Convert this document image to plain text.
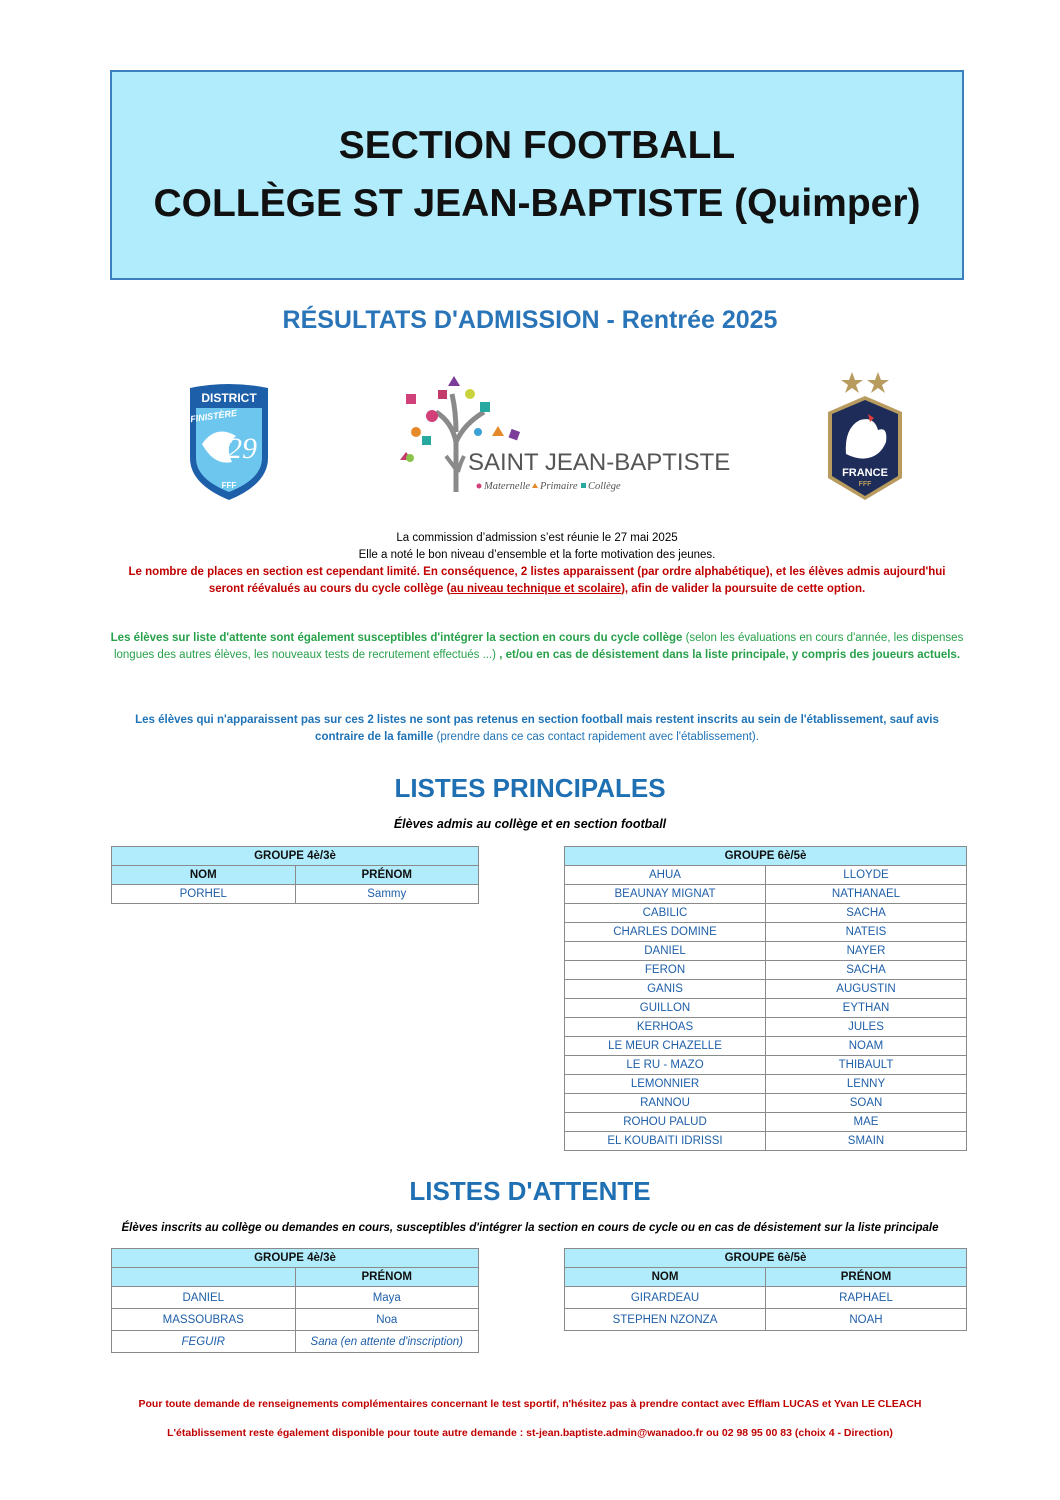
SECTION FOOTBALL
COLLÈGE ST JEAN-BAPTISTE (Quimper)
RÉSULTATS D'ADMISSION - Rentrée 2025
DISTRICT
FINISTÈRE
29
FFF
SAINT JEAN-BAPTISTE
Maternelle Primaire Collège
FRANCE
FFF
La commission d’admission s’est réunie le 27 mai 2025
Elle a noté le bon niveau d’ensemble et la forte motivation des jeunes.
Le nombre de places en section est cependant limité. En conséquence, 2 listes apparaissent (par ordre alphabétique), et les élèves admis aujourd'hui seront réévalués au cours du cycle collège (au niveau technique et scolaire), afin de valider la poursuite de cette option.
Les élèves sur liste d'attente sont également susceptibles d'intégrer la section en cours du cycle collège (selon les évaluations en cours d'année, les dispenses longues des autres élèves, les nouveaux tests de recrutement effectués ...) , et/ou en cas de désistement dans la liste principale, y compris des joueurs actuels.
Les élèves qui n'apparaissent pas sur ces 2 listes ne sont pas retenus en section football mais restent inscrits au sein de l'établissement, sauf avis contraire de la famille (prendre dans ce cas contact rapidement avec l'établissement).
LISTES PRINCIPALES
Élèves admis au collège et en section football
GROUPE 4è/3è	
NOM	PRÉNOM
PORHEL	Sammy
GROUPE 6è/5è	
AHUA	LLOYDE
BEAUNAY MIGNAT	NATHANAEL
CABILIC	SACHA
CHARLES DOMINE	NATEIS
DANIEL	NAYER
FERON	SACHA
GANIS	AUGUSTIN
GUILLON	EYTHAN
KERHOAS	JULES
LE MEUR CHAZELLE	NOAM
LE RU - MAZO	THIBAULT
LEMONNIER	LENNY
RANNOU	SOAN
ROHOU PALUD	MAE
EL KOUBAITI IDRISSI	SMAIN
LISTES D'ATTENTE
Élèves inscrits au collège ou demandes en cours, susceptibles d'intégrer la section en cours de cycle ou en cas de désistement sur la liste principale
GROUPE 4è/3è	
	PRÉNOM
DANIEL	Maya
MASSOUBRAS	Noa
FEGUIR	Sana (en attente d'inscription)
GROUPE 6è/5è	
NOM	PRÉNOM
GIRARDEAU	RAPHAEL
STEPHEN NZONZA	NOAH
Pour toute demande de renseignements complémentaires concernant le test sportif, n'hésitez pas à prendre contact avec Efflam LUCAS et Yvan LE CLEACH
L'établissement reste également disponible pour toute autre demande : st-jean.baptiste.admin@wanadoo.fr ou 02 98 95 00 83 (choix 4 - Direction)
